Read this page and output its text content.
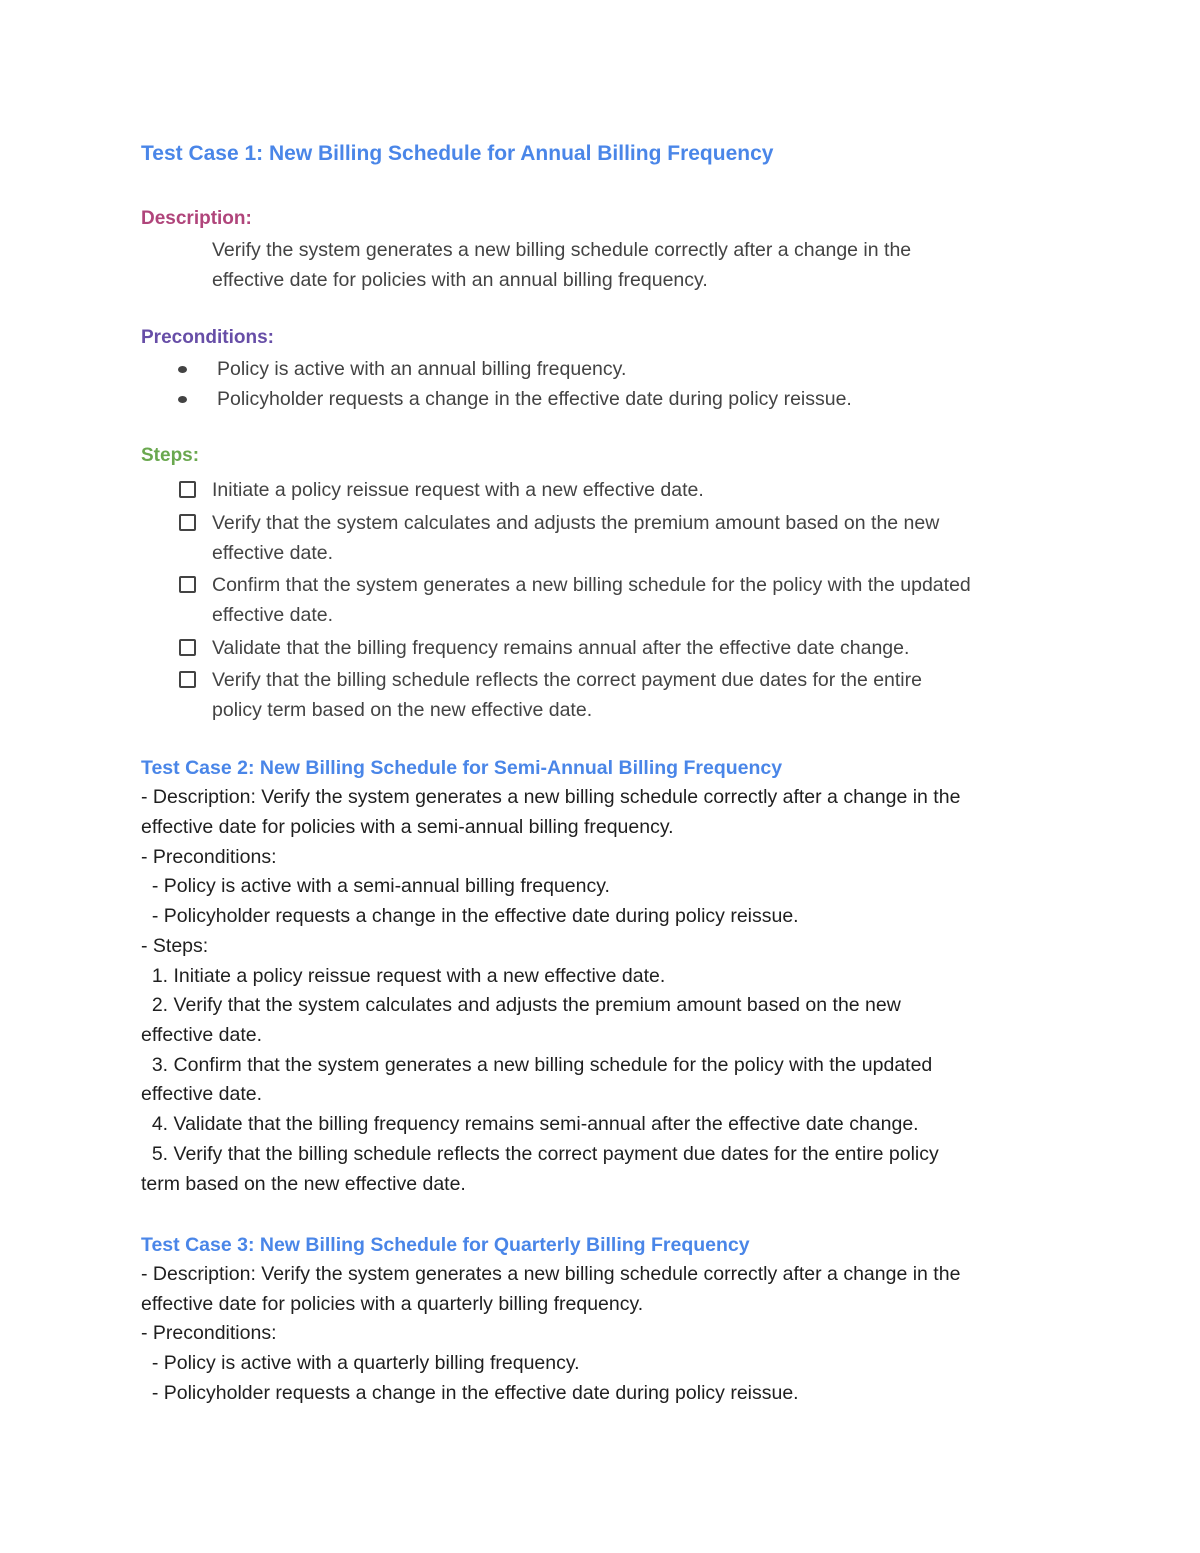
Test Case 1: New Billing Schedule for Annual Billing Frequency
Description:
Verify the system generates a new billing schedule correctly after a change in the
effective date for policies with an annual billing frequency.
Preconditions:
Policy is active with an annual billing frequency.
Policyholder requests a change in the effective date during policy reissue.
Steps:
Initiate a policy reissue request with a new effective date.
Verify that the system calculates and adjusts the premium amount based on the new
effective date.
Confirm that the system generates a new billing schedule for the policy with the updated
effective date.
Validate that the billing frequency remains annual after the effective date change.
Verify that the billing schedule reflects the correct payment due dates for the entire
policy term based on the new effective date.
Test Case 2: New Billing Schedule for Semi-Annual Billing Frequency
- Description: Verify the system generates a new billing schedule correctly after a change in the
effective date for policies with a semi-annual billing frequency.
- Preconditions:
- Policy is active with a semi-annual billing frequency.
- Policyholder requests a change in the effective date during policy reissue.
- Steps:
1. Initiate a policy reissue request with a new effective date.
2. Verify that the system calculates and adjusts the premium amount based on the new
effective date.
3. Confirm that the system generates a new billing schedule for the policy with the updated
effective date.
4. Validate that the billing frequency remains semi-annual after the effective date change.
5. Verify that the billing schedule reflects the correct payment due dates for the entire policy
term based on the new effective date.
Test Case 3: New Billing Schedule for Quarterly Billing Frequency
- Description: Verify the system generates a new billing schedule correctly after a change in the
effective date for policies with a quarterly billing frequency.
- Preconditions:
- Policy is active with a quarterly billing frequency.
- Policyholder requests a change in the effective date during policy reissue.
